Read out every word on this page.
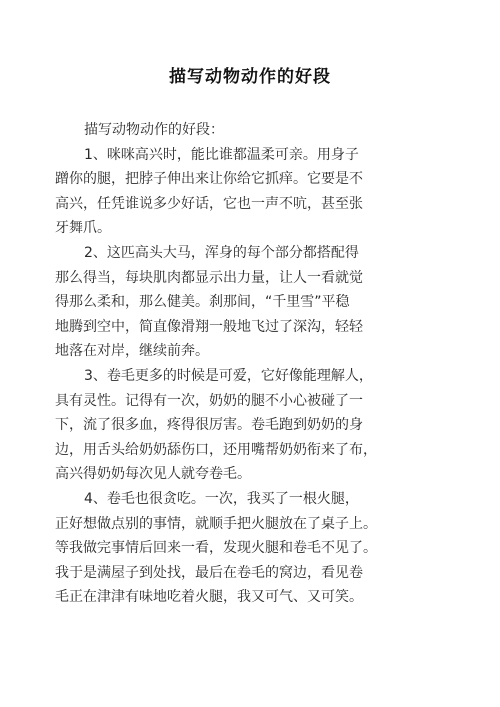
描写动物动作的好段
描写动物动作的好段：
1、咪咪高兴时，能比谁都温柔可亲。用身子
蹭你的腿，把脖子伸出来让你给它抓痒。它要是不
高兴，任凭谁说多少好话，它也一声不吭，甚至张
牙舞爪。
2、这匹高头大马，浑身的每个部分都搭配得
那么得当，每块肌肉都显示出力量，让人一看就觉
得那么柔和，那么健美。刹那间，“千里雪”平稳
地腾到空中，简直像滑翔一般地飞过了深沟，轻轻
地落在对岸，继续前奔。
3、卷毛更多的时候是可爱，它好像能理解人，
具有灵性。记得有一次，奶奶的腿不小心被碰了一
下，流了很多血，疼得很厉害。卷毛跑到奶奶的身
边，用舌头给奶奶舔伤口，还用嘴帮奶奶衔来了布，
高兴得奶奶每次见人就夸卷毛。
4、卷毛也很贪吃。一次，我买了一根火腿，
正好想做点别的事情，就顺手把火腿放在了桌子上。
等我做完事情后回来一看，发现火腿和卷毛不见了。
我于是满屋子到处找，最后在卷毛的窝边，看见卷
毛正在津津有味地吃着火腿，我又可气、又可笑。
